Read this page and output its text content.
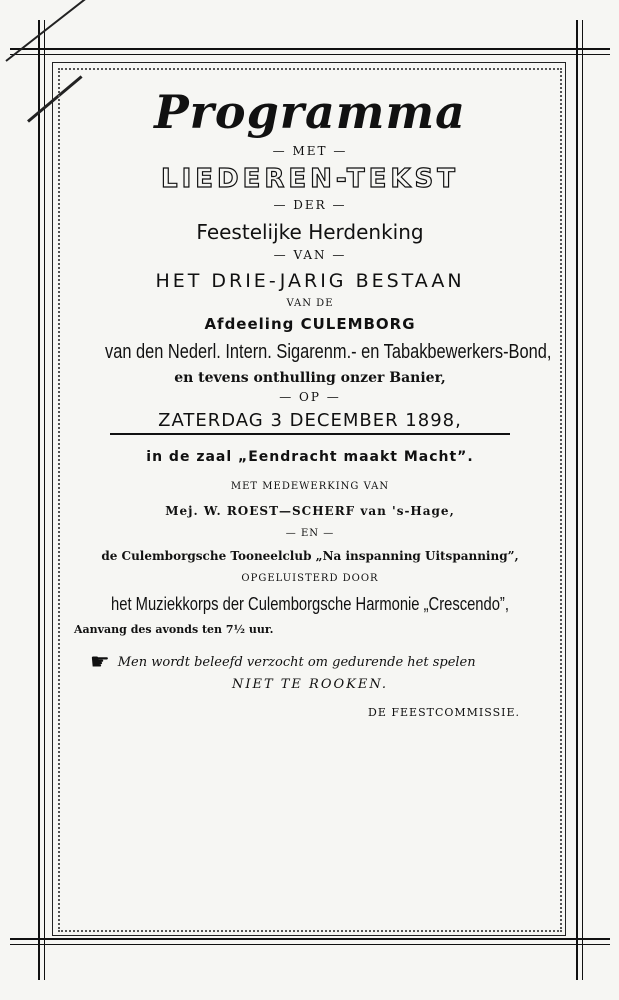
Programma
— MET —
LIEDEREN-TEKST
— DER —
Feestelijke Herdenking
— VAN —
HET DRIE-JARIG BESTAAN
VAN DE
Afdeeling CULEMBORG
van den Nederl. Intern. Sigarenm.- en Tabakbewerkers-Bond,
en tevens onthulling onzer Banier,
— OP —
ZATERDAG 3 DECEMBER 1898,
in de zaal „Eendracht maakt Macht”.
MET MEDEWERKING VAN
Mej. W. ROEST—SCHERF van 's-Hage,
— EN —
de Culemborgsche Tooneelclub „Na inspanning Uitspanning”,
OPGELUISTERD DOOR
het Muziekkorps der Culemborgsche Harmonie „Crescendo”,
Aanvang des avonds ten 7½ uur.
☛ Men wordt beleefd verzocht om gedurende het spelen
NIET TE ROOKEN.
DE FEESTCOMMISSIE.
